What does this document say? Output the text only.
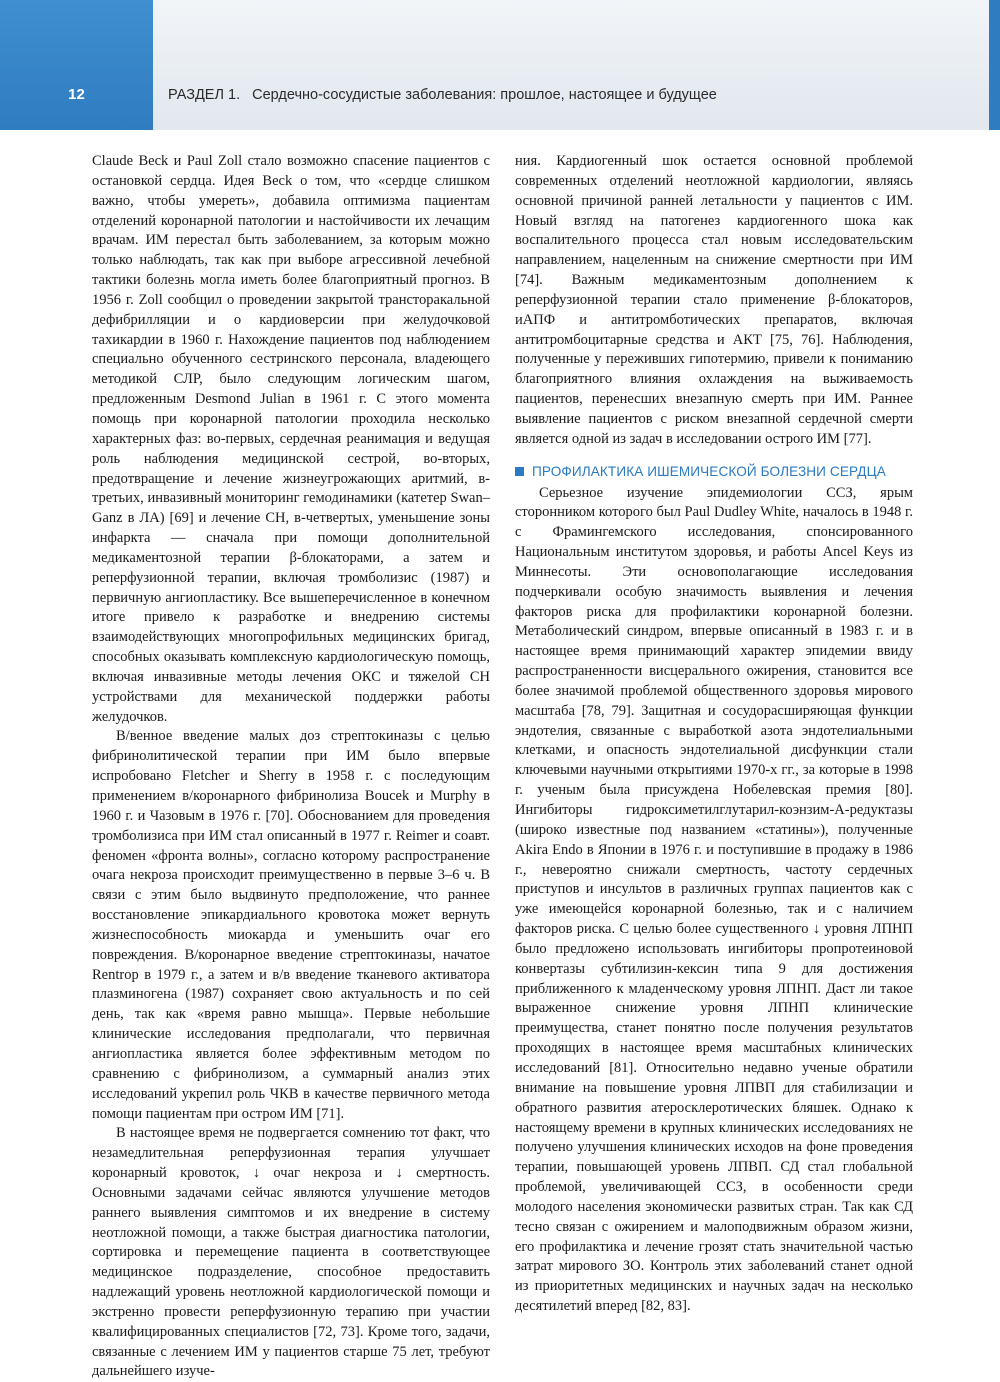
12	РАЗДЕЛ 1. Сердечно-сосудистые заболевания: прошлое, настоящее и будущее

Claude Beck и Paul Zoll стало возможно спасение пациентов с остановкой сердца. Идея Beck о том, что «сердце слишком важно, чтобы умереть», добавила оптимизма пациентам отделений коронарной патологии и настойчивости их лечащим врачам. ИМ перестал быть заболеванием, за которым можно только наблюдать, так как при выборе агрессивной лечебной тактики болезнь могла иметь более благоприятный прогноз. В 1956 г. Zoll сообщил о проведении закрытой трансторакальной дефибрилляции и о кардиоверсии при желудочковой тахикардии в 1960 г. Нахождение пациентов под наблюдением специально обученного сестринского персонала, владеющего методикой СЛР, было следующим логическим шагом, предложенным Desmond Julian в 1961 г. С этого момента помощь при коронарной патологии проходила несколько характерных фаз: во-первых, сердечная реанимация и ведущая роль наблюдения медицинской сестрой, во-вторых, предотвращение и лечение жизнеугрожающих аритмий, в-третьих, инвазивный мониторинг гемодинамики (катетер Swan–Ganz в ЛА) [69] и лечение СН, в-четвертых, уменьшение зоны инфаркта — сначала при помощи дополнительной медикаментозной терапии β-блокаторами, а затем и реперфузионной терапии, включая тромболизис (1987) и первичную ангиопластику. Все вышеперечисленное в конечном итоге привело к разработке и внедрению системы взаимодействующих многопрофильных медицинских бригад, способных оказывать комплексную кардиологическую помощь, включая инвазивные методы лечения ОКС и тяжелой СН устройствами для механической поддержки работы желудочков.

В/венное введение малых доз стрептокиназы с целью фибринолитической терапии при ИМ было впервые испробовано Fletcher и Sherry в 1958 г. с последующим применением в/коронарного фибринолиза Boucek и Murphy в 1960 г. и Чазовым в 1976 г. [70]. Обоснованием для проведения тромболизиса при ИМ стал описанный в 1977 г. Reimer и соавт. феномен «фронта волны», согласно которому распространение очага некроза происходит преимущественно в первые 3–6 ч. В связи с этим было выдвинуто предположение, что раннее восстановление эпикардиального кровотока может вернуть жизнеспособность миокарда и уменьшить очаг его повреждения. В/коронарное введение стрептокиназы, начатое Rentrop в 1979 г., а затем и в/в введение тканевого активатора плазминогена (1987) сохраняет свою актуальность и по сей день, так как «время равно мышца». Первые небольшие клинические исследования предполагали, что первичная ангиопластика является более эффективным методом по сравнению с фибринолизом, а суммарный анализ этих исследований укрепил роль ЧКВ в качестве первичного метода помощи пациентам при остром ИМ [71].

В настоящее время не подвергается сомнению тот факт, что незамедлительная реперфузионная терапия улучшает коронарный кровоток, ↓ очаг некроза и ↓ смертность. Основными задачами сейчас являются улучшение методов раннего выявления симптомов и их внедрение в систему неотложной помощи, а также быстрая диагностика патологии, сортировка и перемещение пациента в соответствующее медицинское подразделение, способное предоставить надлежащий уровень неотложной кардиологической помощи и экстренно провести реперфузионную терапию при участии квалифицированных специалистов [72, 73]. Кроме того, задачи, связанные с лечением ИМ у пациентов старше 75 лет, требуют дальнейшего изуче-

ния. Кардиогенный шок остается основной проблемой современных отделений неотложной кардиологии, являясь основной причиной ранней летальности у пациентов с ИМ. Новый взгляд на патогенез кардиогенного шока как воспалительного процесса стал новым исследовательским направлением, нацеленным на снижение смертности при ИМ [74]. Важным медикаментозным дополнением к реперфузионной терапии стало применение β-блокаторов, иАПФ и антитромботических препаратов, включая антитромбоцитарные средства и АКТ [75, 76]. Наблюдения, полученные у переживших гипотермию, привели к пониманию благоприятного влияния охлаждения на выживаемость пациентов, перенесших внезапную смерть при ИМ. Раннее выявление пациентов с риском внезапной сердечной смерти является одной из задач в исследовании острого ИМ [77].

ПРОФИЛАКТИКА ИШЕМИЧЕСКОЙ БОЛЕЗНИ СЕРДЦА

Серьезное изучение эпидемиологии ССЗ, ярым сторонником которого был Paul Dudley White, началось в 1948 г. с Фрамингемского исследования, спонсированного Национальным институтом здоровья, и работы Ancel Keys из Миннесоты. Эти основополагающие исследования подчеркивали особую значимость выявления и лечения факторов риска для профилактики коронарной болезни. Метаболический синдром, впервые описанный в 1983 г. и в настоящее время принимающий характер эпидемии ввиду распространенности висцерального ожирения, становится все более значимой проблемой общественного здоровья мирового масштаба [78, 79]. Защитная и сосудорасширяющая функции эндотелия, связанные с выработкой азота эндотелиальными клетками, и опасность эндотелиальной дисфункции стали ключевыми научными открытиями 1970-х гг., за которые в 1998 г. ученым была присуждена Нобелевская премия [80]. Ингибиторы гидроксиметилглутарил-коэнзим-A-редуктазы (широко известные под названием «статины»), полученные Akira Endo в Японии в 1976 г. и поступившие в продажу в 1986 г., невероятно снижали смертность, частоту сердечных приступов и инсультов в различных группах пациентов как с уже имеющейся коронарной болезнью, так и с наличием факторов риска. С целью более существенного ↓ уровня ЛПНП было предложено использовать ингибиторы пропротеиновой конвертазы субтилизин-кексин типа 9 для достижения приближенного к младенческому уровня ЛПНП. Даст ли такое выраженное снижение уровня ЛПНП клинические преимущества, станет понятно после получения результатов проходящих в настоящее время масштабных клинических исследований [81]. Относительно недавно ученые обратили внимание на повышение уровня ЛПВП для стабилизации и обратного развития атеросклеротических бляшек. Однако к настоящему времени в крупных клинических исследованиях не получено улучшения клинических исходов на фоне проведения терапии, повышающей уровень ЛПВП. СД стал глобальной проблемой, увеличивающей ССЗ, в особенности среди молодого населения экономически развитых стран. Так как СД тесно связан с ожирением и малоподвижным образом жизни, его профилактика и лечение грозят стать значительной частью затрат мирового ЗО. Контроль этих заболеваний станет одной из приоритетных медицинских и научных задач на несколько десятилетий вперед [82, 83].
